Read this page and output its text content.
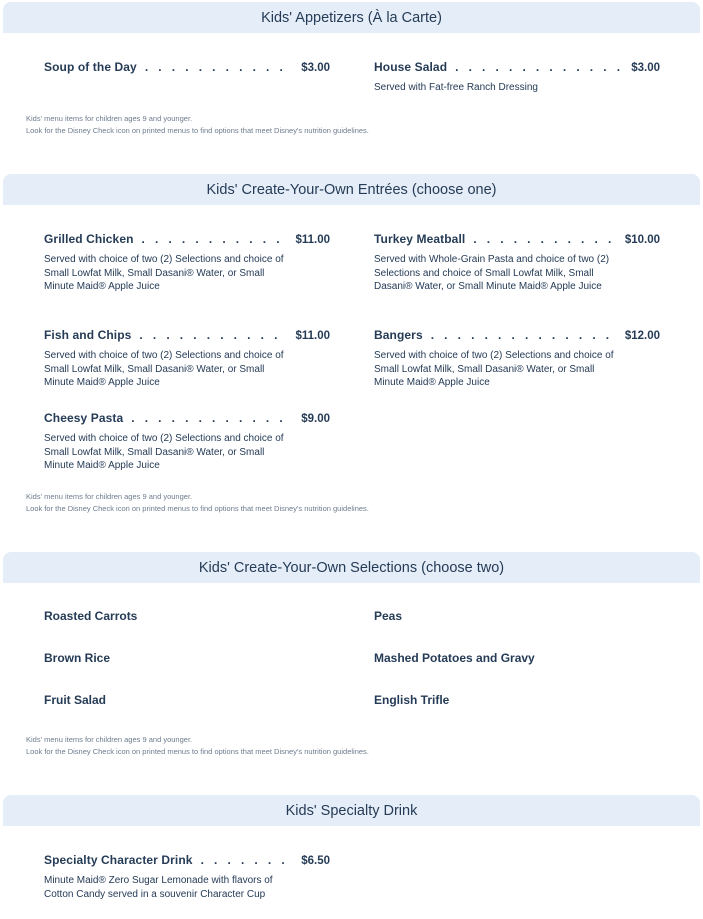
Kids' Appetizers (À la Carte)
Soup of the Day . . .	$3.00	House Salad . . .	$3.00
Served with Fat-free Ranch Dressing
Kids' menu items for children ages 9 and younger.
Look for the Disney Check icon on printed menus to find options that meet Disney's nutrition guidelines.
Kids' Create-Your-Own Entrées (choose one)
Grilled Chicken . . .	$11.00
Served with choice of two (2) Selections and choice of Small Lowfat Milk, Small Dasani® Water, or Small Minute Maid® Apple Juice
Turkey Meatball . . .	$10.00
Served with Whole-Grain Pasta and choice of two (2) Selections and choice of Small Lowfat Milk, Small Dasani® Water, or Small Minute Maid® Apple Juice
Fish and Chips . . .	$11.00
Served with choice of two (2) Selections and choice of Small Lowfat Milk, Small Dasani® Water, or Small Minute Maid® Apple Juice
Bangers . . .	$12.00
Served with choice of two (2) Selections and choice of Small Lowfat Milk, Small Dasani® Water, or Small Minute Maid® Apple Juice
Cheesy Pasta . . .	$9.00
Served with choice of two (2) Selections and choice of Small Lowfat Milk, Small Dasani® Water, or Small Minute Maid® Apple Juice
Kids' menu items for children ages 9 and younger.
Look for the Disney Check icon on printed menus to find options that meet Disney's nutrition guidelines.
Kids' Create-Your-Own Selections (choose two)
Roasted Carrots	Peas
Brown Rice	Mashed Potatoes and Gravy
Fruit Salad	English Trifle
Kids' menu items for children ages 9 and younger.
Look for the Disney Check icon on printed menus to find options that meet Disney's nutrition guidelines.
Kids' Specialty Drink
Specialty Character Drink . . .	$6.50
Minute Maid® Zero Sugar Lemonade with flavors of Cotton Candy served in a souvenir Character Cup
